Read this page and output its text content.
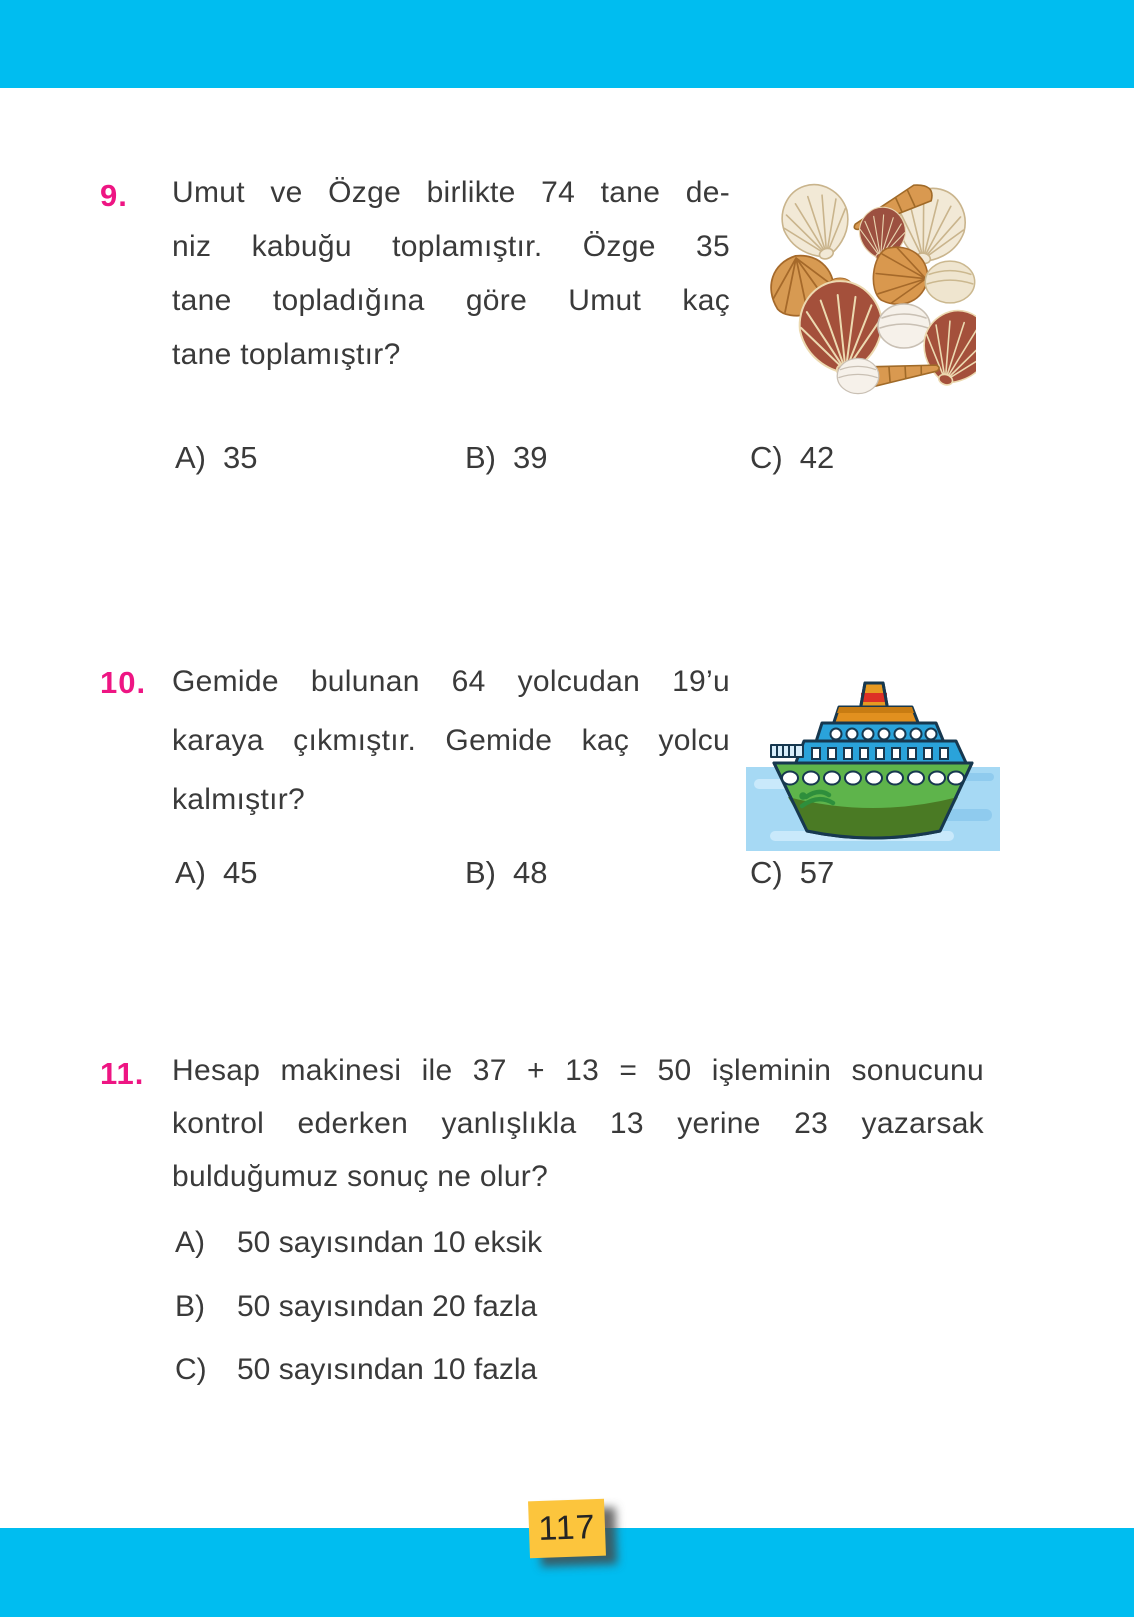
9. Umut ve Özge birlikte 74 tane de-
niz kabuğu toplamıştır. Özge 35
tane topladığına göre Umut kaç
tane toplamıştır?
A) 35	B) 39	C) 42
10. Gemide bulunan 64 yolcudan 19’u
karaya çıkmıştır. Gemide kaç yolcu
kalmıştır?
A) 45	B) 48	C) 57
11. Hesap makinesi ile 37 + 13 = 50 işleminin sonucunu
kontrol ederken yanlışlıkla 13 yerine 23 yazarsak
bulduğumuz sonuç ne olur?
A)	50 sayısından 10 eksik
B)	50 sayısından 20 fazla
C)	50 sayısından 10 fazla
117
